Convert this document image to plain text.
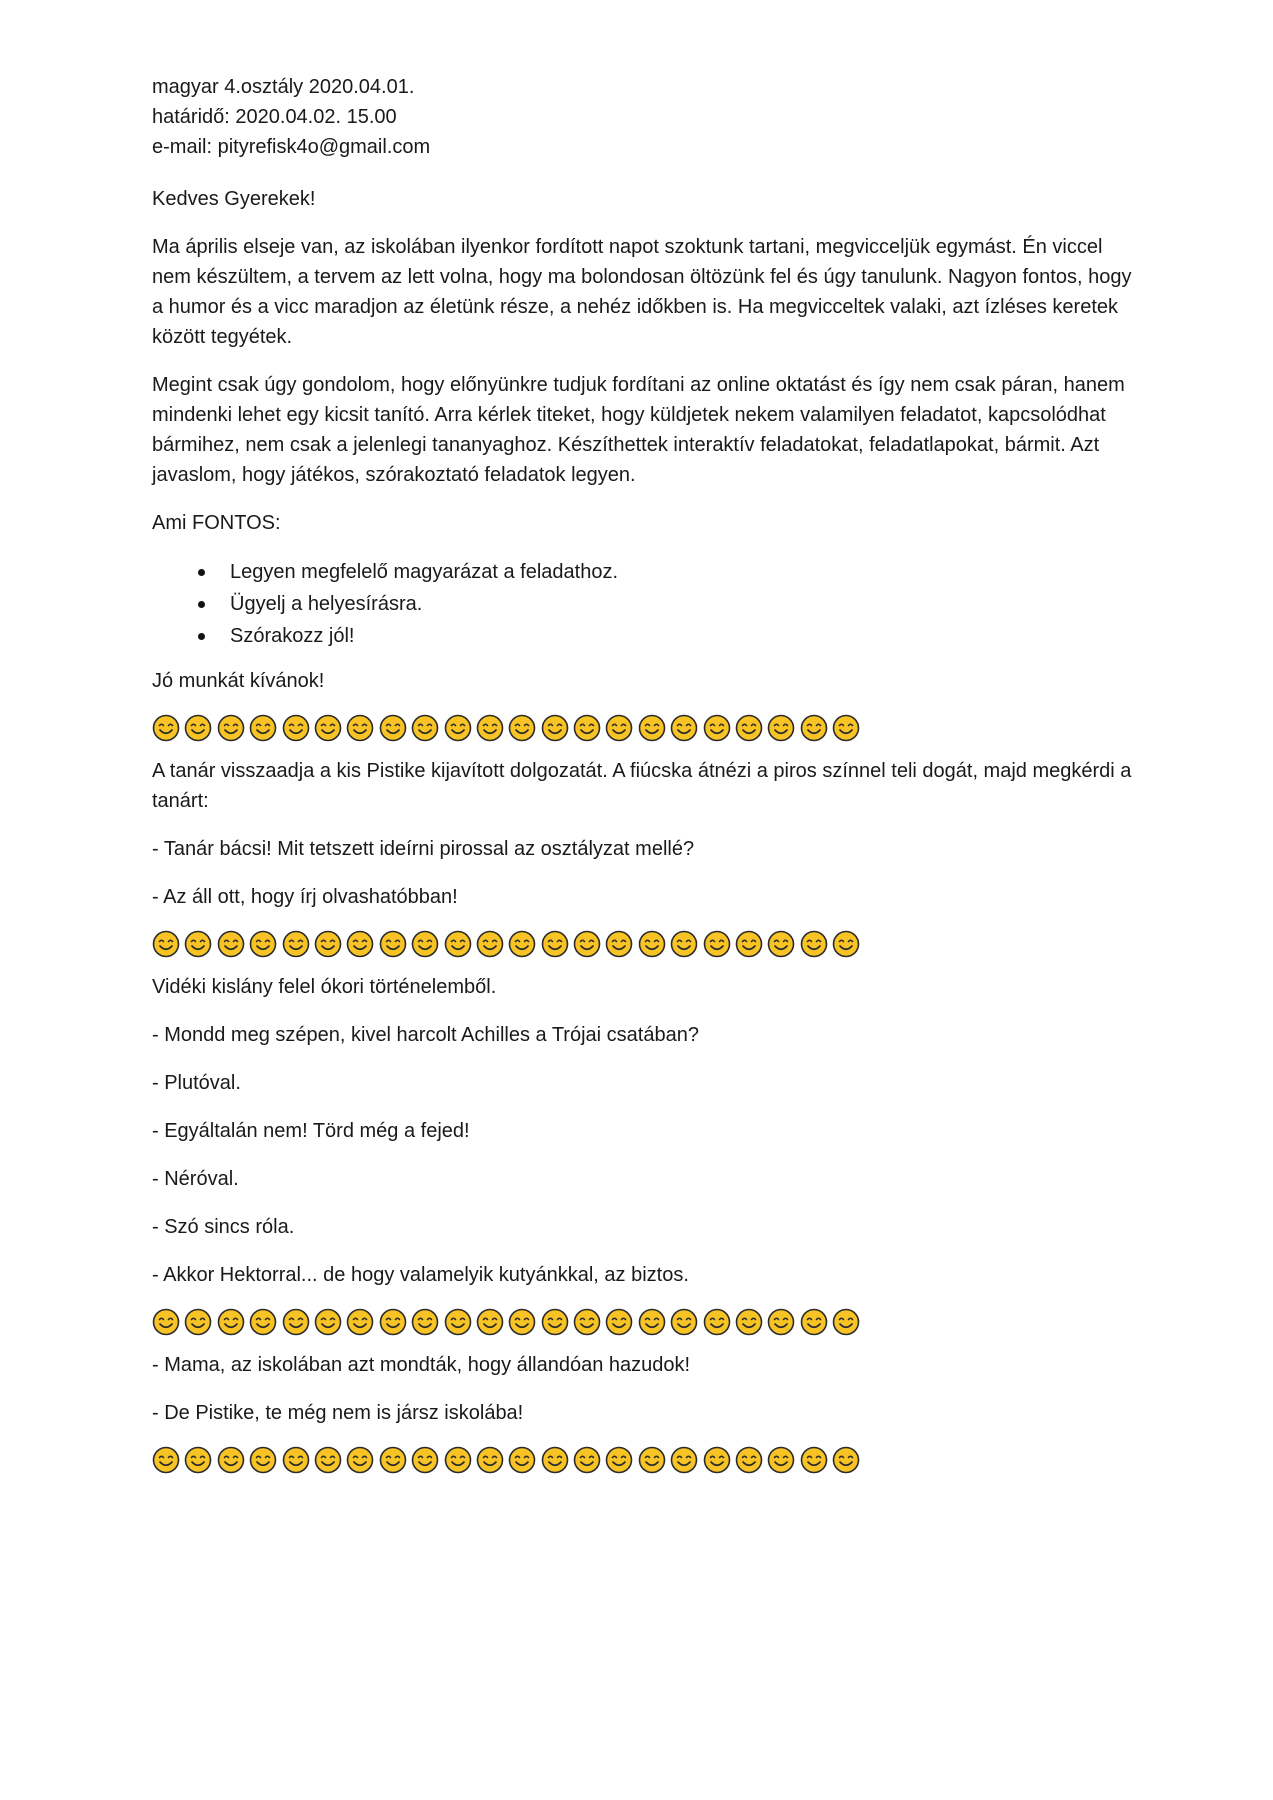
magyar 4.osztály 2020.04.01.

határidő: 2020.04.02. 15.00

e-mail: pityrefisk4o@gmail.com

Kedves Gyerekek!

Ma április elseje van, az iskolában ilyenkor fordított napot szoktunk tartani, megvicceljük egymást. Én viccel nem készültem, a tervem az lett volna, hogy ma bolondosan öltözünk fel és úgy tanulunk. Nagyon fontos, hogy a humor és a vicc maradjon az életünk része, a nehéz időkben is. Ha megvicceltek valaki, azt ízléses keretek között tegyétek.

Megint csak úgy gondolom, hogy előnyünkre tudjuk fordítani az online oktatást és így nem csak páran, hanem mindenki lehet egy kicsit tanító. Arra kérlek titeket, hogy küldjetek nekem valamilyen feladatot, kapcsolódhat bármihez, nem csak a jelenlegi tananyaghoz. Készíthettek interaktív feladatokat, feladatlapokat, bármit. Azt javaslom, hogy játékos, szórakoztató feladatok legyen.

Ami FONTOS:

Legyen megfelelő magyarázat a feladathoz.
Ügyelj a helyesírásra.
Szórakozz jól!

Jó munkát kívánok!

A tanár visszaadja a kis Pistike kijavított dolgozatát. A fiúcska átnézi a piros színnel teli dogát, majd megkérdi a tanárt:

- Tanár bácsi! Mit tetszett ideírni pirossal az osztályzat mellé?

- Az áll ott, hogy írj olvashatóbban!

Vidéki kislány felel ókori történelemből.

- Mondd meg szépen, kivel harcolt Achilles a Trójai csatában?

- Plutóval.

- Egyáltalán nem! Törd még a fejed!

- Néróval.

- Szó sincs róla.

- Akkor Hektorral... de hogy valamelyik kutyánkkal, az biztos.

- Mama, az iskolában azt mondták, hogy állandóan hazudok!

- De Pistike, te még nem is jársz iskolába!
